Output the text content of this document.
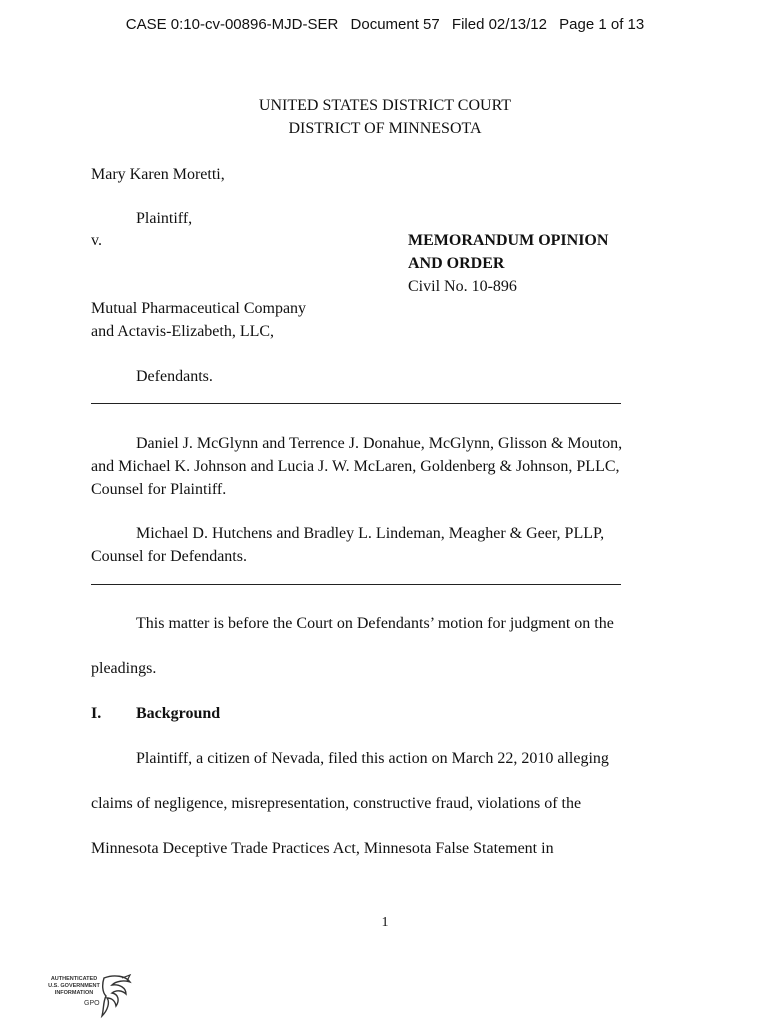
CASE 0:10-cv-00896-MJD-SER Document 57 Filed 02/13/12 Page 1 of 13
UNITED STATES DISTRICT COURT
DISTRICT OF MINNESOTA
Mary Karen Moretti,
Plaintiff,
v.	MEMORANDUM OPINION
AND ORDER
Civil No. 10-896
Mutual Pharmaceutical Company
and Actavis-Elizabeth, LLC,
Defendants.
Daniel J. McGlynn and Terrence J. Donahue, McGlynn, Glisson & Mouton,
and Michael K. Johnson and Lucia J. W. McLaren, Goldenberg & Johnson, PLLC,
Counsel for Plaintiff.
Michael D. Hutchens and Bradley L. Lindeman, Meagher & Geer, PLLP,
Counsel for Defendants.
This matter is before the Court on Defendants’ motion for judgment on the
pleadings.
I. Background
Plaintiff, a citizen of Nevada, filed this action on March 22, 2010 alleging
claims of negligence, misrepresentation, constructive fraud, violations of the
Minnesota Deceptive Trade Practices Act, Minnesota False Statement in
1
AUTHENTICATED
U.S. GOVERNMENT
INFORMATION
GPO
